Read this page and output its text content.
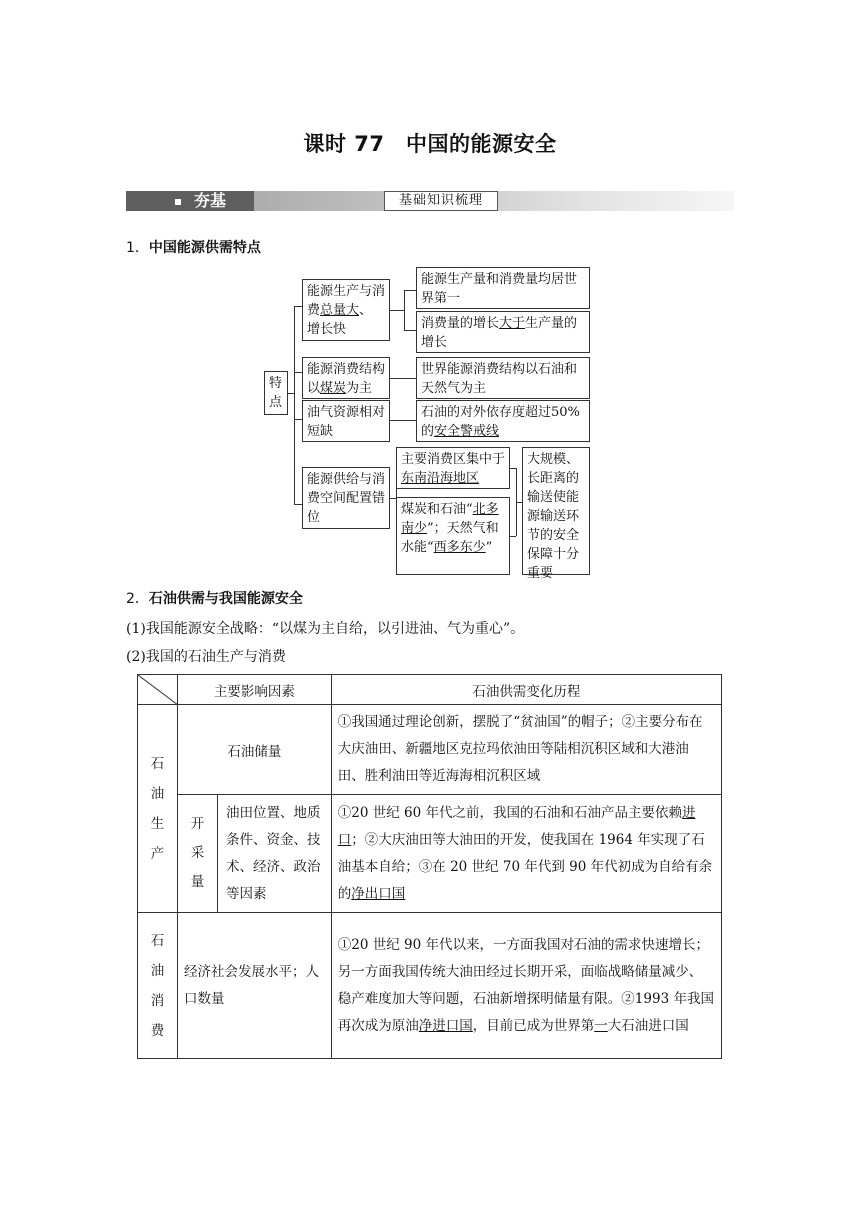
课时 77　中国的能源安全
夯基	基础知识梳理
1．中国能源供需特点
特点
能源生产与消费总量大、增长快
能源消费结构以煤炭为主
油气资源相对短缺
能源供给与消费空间配置错位
能源生产量和消费量均居世界第一
消费量的增长大于生产量的增长
世界能源消费结构以石油和天然气为主
石油的对外依存度超过50% 的安全警戒线
主要消费区集中于东南沿海地区
煤炭和石油“北多南少”；天然气和水能“西多东少”
大规模、长距离的输送使能源输送环节的安全保障十分重要
2．石油供需与我国能源安全
(1)我国能源安全战略：“以煤为主自给，以引进油、气为重心”。
(2)我国的石油生产与消费
	主要影响因素		石油供需变化历程
石油生产	石油储量		①我国通过理论创新，摆脱了“贫油国”的帽子；②主要分布在大庆油田、新疆地区克拉玛依油田等陆相沉积区域和大港油田、胜利油田等近海海相沉积区域
	开采量	油田位置、地质条件、资金、技术、经济、政治等因素	①20 世纪 60 年代之前，我国的石油和石油产品主要依赖进口；②大庆油田等大油田的开发，使我国在 1964 年实现了石油基本自给；③在 20 世纪 70 年代到 90 年代初成为自给有余的净出口国
石油消费	经济社会发展水平；人口数量		①20 世纪 90 年代以来，一方面我国对石油的需求快速增长；另一方面我国传统大油田经过长期开采，面临战略储量减少、稳产难度加大等问题，石油新增探明储量有限。②1993 年我国再次成为原油净进口国，目前已成为世界第一大石油进口国
